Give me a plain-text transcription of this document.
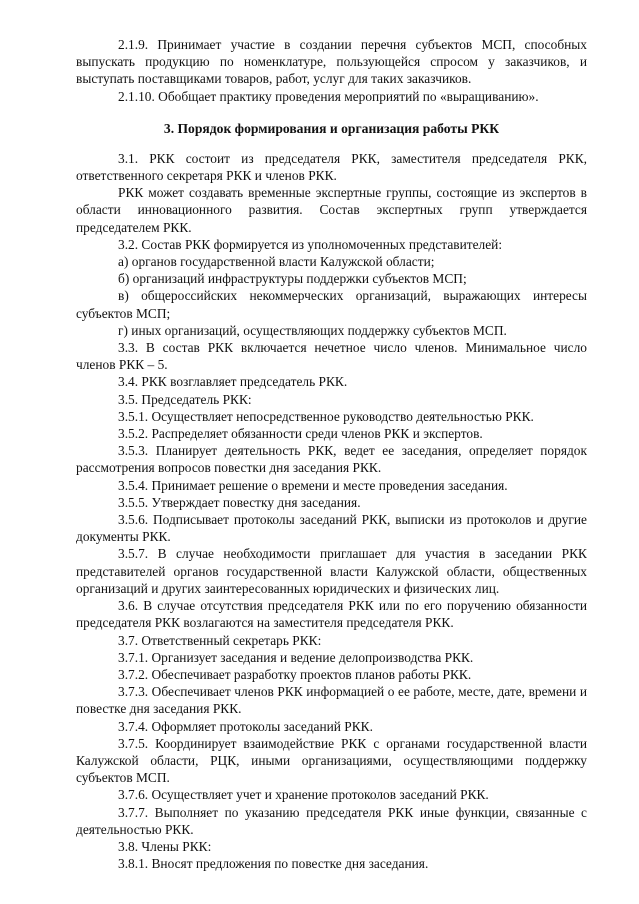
2.1.9. Принимает участие в создании перечня субъектов МСП, способных выпускать продукцию по номенклатуре, пользующейся спросом у заказчиков, и выступать поставщиками товаров, работ, услуг для таких заказчиков.

2.1.10. Обобщает практику проведения мероприятий по «выращиванию».

3. Порядок формирования и организация работы РКК

3.1. РКК состоит из председателя РКК, заместителя председателя РКК, ответственного секретаря РКК и членов РКК.

РКК может создавать временные экспертные группы, состоящие из экспертов в области инновационного развития. Состав экспертных групп утверждается председателем РКК.

3.2. Состав РКК формируется из уполномоченных представителей:

а) органов государственной власти Калужской области;

б) организаций инфраструктуры поддержки субъектов МСП;

в) общероссийских некоммерческих организаций, выражающих интересы субъектов МСП;

г) иных организаций, осуществляющих поддержку субъектов МСП.

3.3. В состав РКК включается нечетное число членов. Минимальное число членов РКК – 5.

3.4. РКК возглавляет председатель РКК.

3.5. Председатель РКК:

3.5.1. Осуществляет непосредственное руководство деятельностью РКК.

3.5.2. Распределяет обязанности среди членов РКК и экспертов.

3.5.3. Планирует деятельность РКК, ведет ее заседания, определяет порядок рассмотрения вопросов повестки дня заседания РКК.

3.5.4. Принимает решение о времени и месте проведения заседания.

3.5.5. Утверждает повестку дня заседания.

3.5.6. Подписывает протоколы заседаний РКК, выписки из протоколов и другие документы РКК.

3.5.7. В случае необходимости приглашает для участия в заседании РКК представителей органов государственной власти Калужской области, общественных организаций и других заинтересованных юридических и физических лиц.

3.6. В случае отсутствия председателя РКК или по его поручению обязанности председателя РКК возлагаются на заместителя председателя РКК.

3.7. Ответственный секретарь РКК:

3.7.1. Организует заседания и ведение делопроизводства РКК.

3.7.2. Обеспечивает разработку проектов планов работы РКК.

3.7.3. Обеспечивает членов РКК информацией о ее работе, месте, дате, времени и повестке дня заседания РКК.

3.7.4. Оформляет протоколы заседаний РКК.

3.7.5. Координирует взаимодействие РКК с органами государственной власти Калужской области, РЦК, иными организациями, осуществляющими поддержку субъектов МСП.

3.7.6. Осуществляет учет и хранение протоколов заседаний РКК.

3.7.7. Выполняет по указанию председателя РКК иные функции, связанные с деятельностью РКК.

3.8. Члены РКК:

3.8.1. Вносят предложения по повестке дня заседания.
